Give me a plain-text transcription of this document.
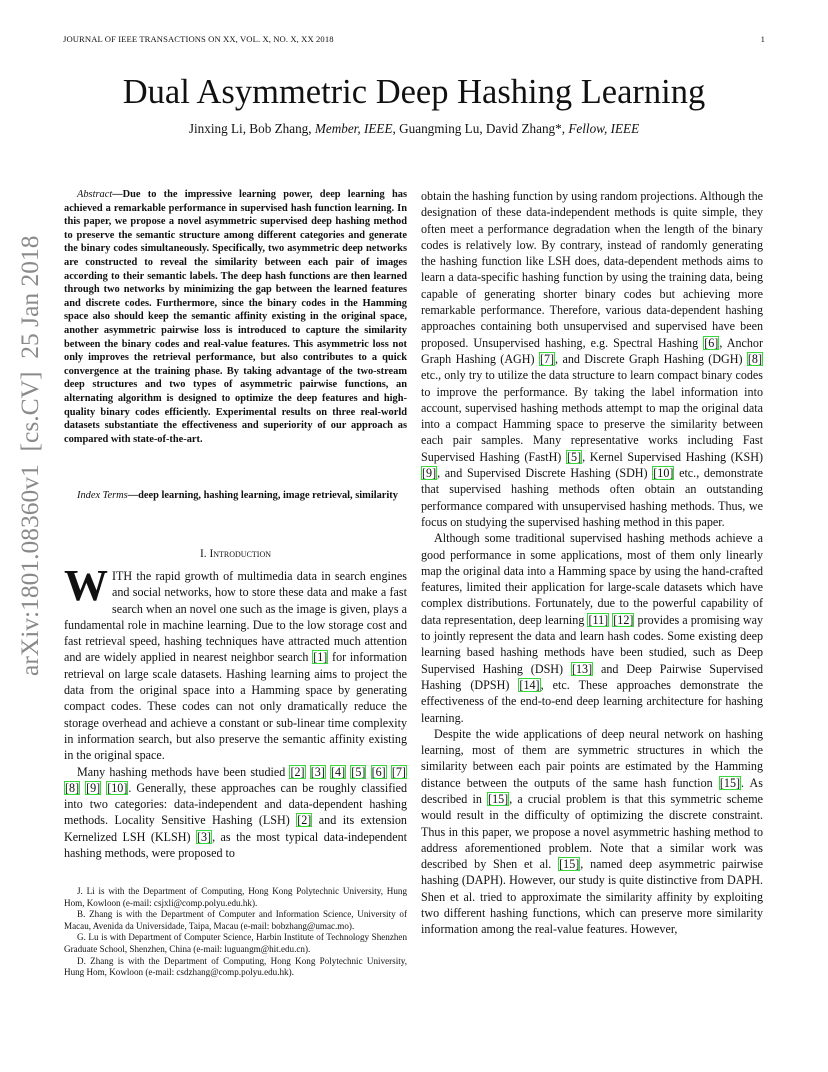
JOURNAL OF IEEE TRANSACTIONS ON XX, VOL. X, NO. X, XX 2018	1
Dual Asymmetric Deep Hashing Learning
Jinxing Li, Bob Zhang, Member, IEEE, Guangming Lu, David Zhang*, Fellow, IEEE
arXiv:1801.08360v1  [cs.CV]  25 Jan 2018
Abstract—Due to the impressive learning power, deep learning has achieved a remarkable performance in supervised hash function learning. In this paper, we propose a novel asymmetric supervised deep hashing method to preserve the semantic structure among different categories and generate the binary codes simultaneously. Specifically, two asymmetric deep networks are constructed to reveal the similarity between each pair of images according to their semantic labels. The deep hash functions are then learned through two networks by minimizing the gap between the learned features and discrete codes. Furthermore, since the binary codes in the Hamming space also should keep the semantic affinity existing in the original space, another asymmetric pairwise loss is introduced to capture the similarity between the binary codes and real-value features. This asymmetric loss not only improves the retrieval performance, but also contributes to a quick convergence at the training phase. By taking advantage of the two-stream deep structures and two types of asymmetric pairwise functions, an alternating algorithm is designed to optimize the deep features and high-quality binary codes efficiently. Experimental results on three real-world datasets substantiate the effectiveness and superiority of our approach as compared with state-of-the-art.
Index Terms—deep learning, hashing learning, image retrieval, similarity
I. Introduction

WITH the rapid growth of multimedia data in search engines and social networks, how to store these data and make a fast search when an novel one such as the image is given, plays a fundamental role in machine learning. Due to the low storage cost and fast retrieval speed, hashing techniques have attracted much attention and are widely applied in nearest neighbor search [1] for information retrieval on large scale datasets. Hashing learning aims to project the data from the original space into a Hamming space by generating compact codes. These codes can not only dramatically reduce the storage overhead and achieve a constant or sub-linear time complexity in information search, but also preserve the semantic affinity existing in the original space.

Many hashing methods have been studied [2] [3] [4] [5] [6] [7] [8] [9] [10]. Generally, these approaches can be roughly classified into two categories: data-independent and data-dependent hashing methods. Locality Sensitive Hashing (LSH) [2] and its extension Kernelized LSH (KLSH) [3], as the most typical data-independent hashing methods, were proposed to

J. Li is with the Department of Computing, Hong Kong Polytechnic University, Hung Hom, Kowloon (e-mail: csjxli@comp.polyu.edu.hk).

B. Zhang is with the Department of Computer and Information Science, University of Macau, Avenida da Universidade, Taipa, Macau (e-mail: bobzhang@umac.mo).

G. Lu is with Department of Computer Science, Harbin Institute of Technology Shenzhen Graduate School, Shenzhen, China (e-mail: luguangm@hit.edu.cn).

D. Zhang is with the Department of Computing, Hong Kong Polytechnic University, Hung Hom, Kowloon (e-mail: csdzhang@comp.polyu.edu.hk).

obtain the hashing function by using random projections. Although the designation of these data-independent methods is quite simple, they often meet a performance degradation when the length of the binary codes is relatively low. By contrary, instead of randomly generating the hashing function like LSH does, data-dependent methods aims to learn a data-specific hashing function by using the training data, being capable of generating shorter binary codes but achieving more remarkable performance. Therefore, various data-dependent hashing approaches containing both unsupervised and supervised have been proposed. Unsupervised hashing, e.g. Spectral Hashing [6], Anchor Graph Hashing (AGH) [7], and Discrete Graph Hashing (DGH) [8] etc., only try to utilize the data structure to learn compact binary codes to improve the performance. By taking the label information into account, supervised hashing methods attempt to map the original data into a compact Hamming space to preserve the similarity between each pair samples. Many representative works including Fast Supervised Hashing (FastH) [5], Kernel Supervised Hashing (KSH) [9], and Supervised Discrete Hashing (SDH) [10] etc., demonstrate that supervised hashing methods often obtain an outstanding performance compared with unsupervised hashing methods. Thus, we focus on studying the supervised hashing method in this paper.

Although some traditional supervised hashing methods achieve a good performance in some applications, most of them only linearly map the original data into a Hamming space by using the hand-crafted features, limited their application for large-scale datasets which have complex distributions. Fortunately, due to the powerful capability of data representation, deep learning [11] [12] provides a promising way to jointly represent the data and learn hash codes. Some existing deep learning based hashing methods have been studied, such as Deep Supervised Hashing (DSH) [13] and Deep Pairwise Supervised Hashing (DPSH) [14], etc. These approaches demonstrate the effectiveness of the end-to-end deep learning architecture for hashing learning.

Despite the wide applications of deep neural network on hashing learning, most of them are symmetric structures in which the similarity between each pair points are estimated by the Hamming distance between the outputs of the same hash function [15]. As described in [15], a crucial problem is that this symmetric scheme would result in the difficulty of optimizing the discrete constraint. Thus in this paper, we propose a novel asymmetric hashing method to address aforementioned problem. Note that a similar work was described by Shen et al. [15], named deep asymmetric pairwise hashing (DAPH). However, our study is quite distinctive from DAPH. Shen et al. tried to approximate the similarity affinity by exploiting two different hashing functions, which can preserve more similarity information among the real-value features. However,
